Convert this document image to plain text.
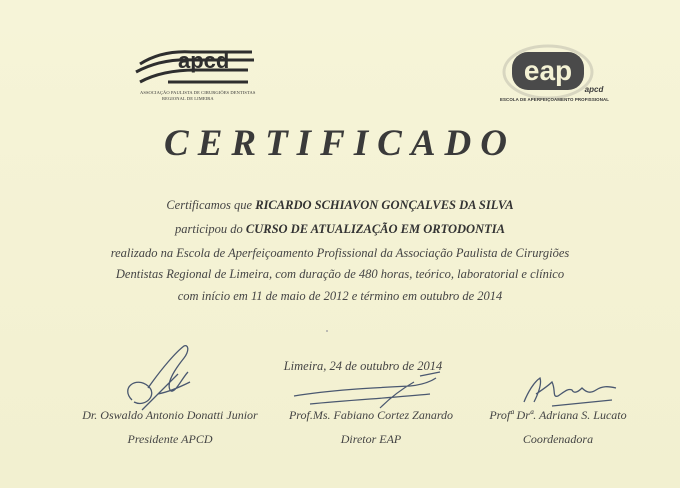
apcd
ASSOCIAÇÃO PAULISTA DE CIRURGIÕES DENTISTAS
REGIONAL DE LIMEIRA
eap
apcd
ESCOLA DE APERFEIÇOAMENTO PROFISSIONAL
CERTIFICADO
Certificamos que RICARDO SCHIAVON GONÇALVES DA SILVA
participou do CURSO DE ATUALIZAÇÃO EM ORTODONTIA
realizado na Escola de Aperfeiçoamento Profissional da Associação Paulista de Cirurgiões
Dentistas Regional de Limeira, com duração de 480 horas, teórico, laboratorial e clínico
com início em 11 de maio de 2012 e término em outubro de 2014
Limeira, 24 de outubro de 2014
Dr. Oswaldo Antonio Donatti Junior
Presidente APCD
Prof.Ms. Fabiano Cortez Zanardo
Diretor EAP
Profª Drª. Adriana S. Lucato
Coordenadora
